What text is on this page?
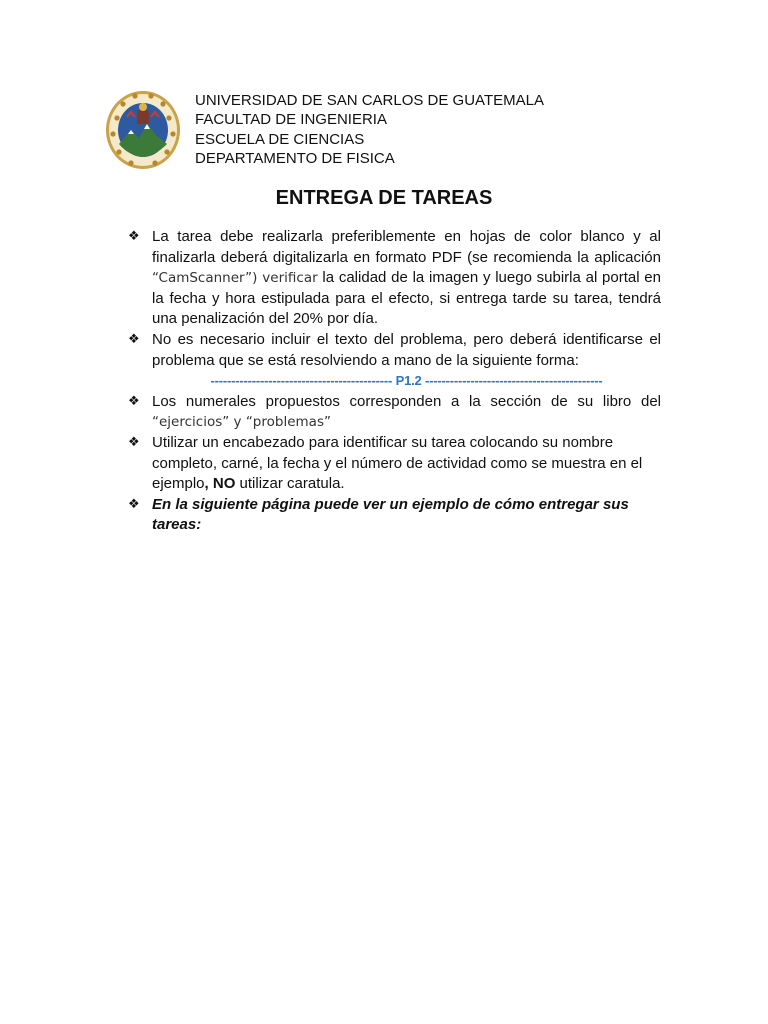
UNIVERSIDAD DE SAN CARLOS DE GUATEMALA
FACULTAD DE INGENIERIA
ESCUELA DE CIENCIAS
DEPARTAMENTO DE FISICA
ENTREGA DE TAREAS
❖ La tarea debe realizarla preferiblemente en hojas de color blanco y al finalizarla deberá digitalizarla en formato PDF (se recomienda la aplicación “CamScanner”) verificar la calidad de la imagen y luego subirla al portal en la fecha y hora estipulada para el efecto, si entrega tarde su tarea, tendrá una penalización del 20% por día.
❖ No es necesario incluir el texto del problema, pero deberá identificarse el problema que se está resolviendo a mano de la siguiente forma:
-------------------------------------------- P1.2 -------------------------------------------
❖ Los numerales propuestos corresponden a la sección de su libro del “ejercicios” y “problemas”
❖ Utilizar un encabezado para identificar su tarea colocando su nombre completo, carné, la fecha y el número de actividad como se muestra en el ejemplo, NO utilizar caratula.
❖ En la siguiente página puede ver un ejemplo de cómo entregar sus tareas:
